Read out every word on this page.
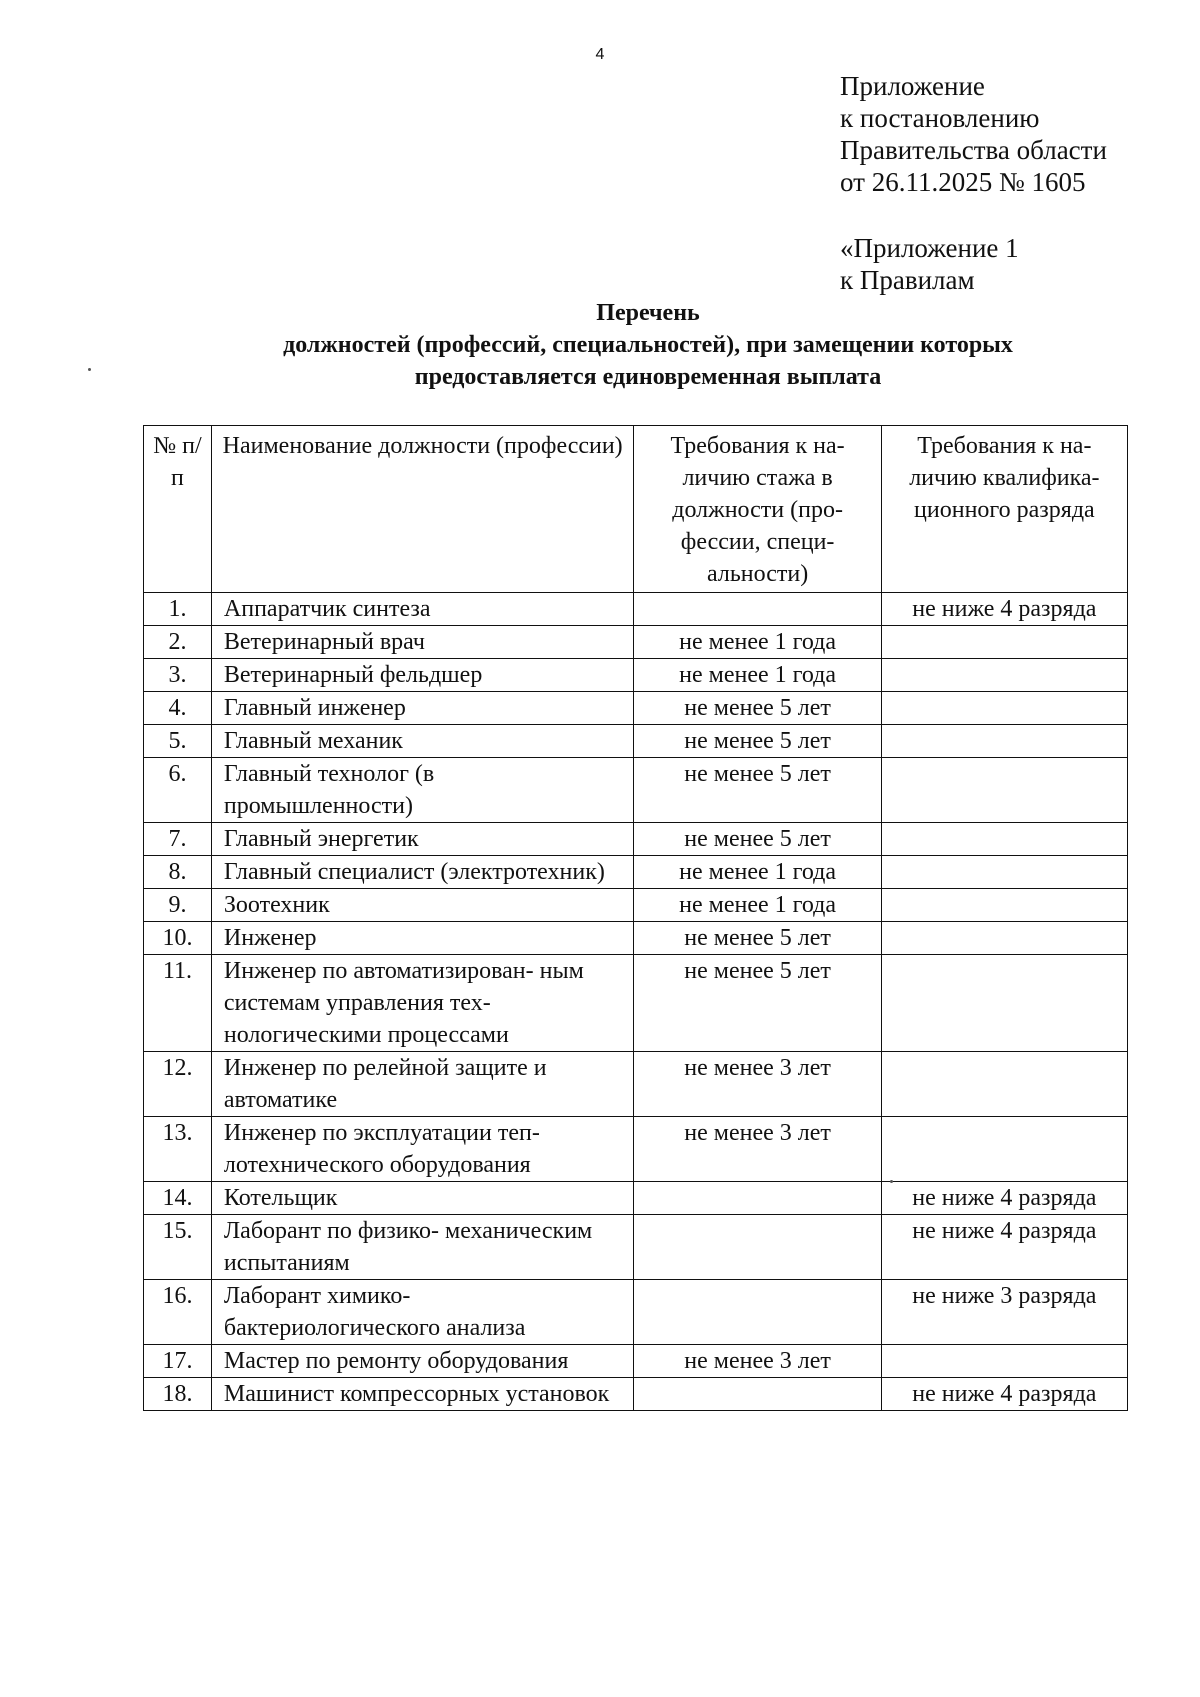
4
Приложение
к постановлению
Правительства области
от 26.11.2025 № 1605
«Приложение 1
к Правилам
Перечень
должностей (профессий, специальностей), при замещении которых
предоставляется единовременная выплата
№ п/п	Наименование должности (профессии)	Требования к на- личию стажа в должности (про- фессии, специ- альности)	Требования к на- личию квалифика- ционного разряда
1.	Аппаратчик синтеза		не ниже 4 разряда
2.	Ветеринарный врач	не менее 1 года	
3.	Ветеринарный фельдшер	не менее 1 года	
4.	Главный инженер	не менее 5 лет	
5.	Главный механик	не менее 5 лет	
6.	Главный технолог (в промышленности)	не менее 5 лет	
7.	Главный энергетик	не менее 5 лет	
8.	Главный специалист (электротехник)	не менее 1 года	
9.	Зоотехник	не менее 1 года	
10.	Инженер	не менее 5 лет	
11.	Инженер по автоматизирован- ным системам управления тех- нологическими процессами	не менее 5 лет	
12.	Инженер по релейной защите и автоматике	не менее 3 лет	
13.	Инженер по эксплуатации теп- лотехнического оборудования	не менее 3 лет	
14.	Котельщик		не ниже 4 разряда
15.	Лаборант по физико- механическим испытаниям		не ниже 4 разряда
16.	Лаборант химико- бактериологического анализа		не ниже 3 разряда
17.	Мастер по ремонту оборудования	не менее 3 лет	
18.	Машинист компрессорных установок		не ниже 4 разряда
